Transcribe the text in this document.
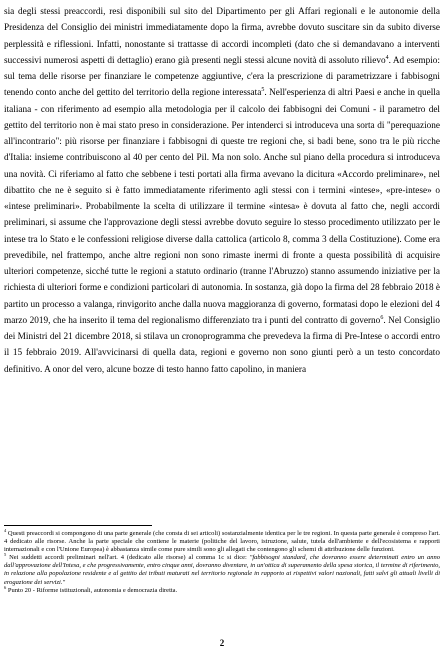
sia degli stessi preaccordi, resi disponibili sul sito del Dipartimento per gli Affari regionali e le autonomie della Presidenza del Consiglio dei ministri immediatamente dopo la firma, avrebbe dovuto suscitare sin da subito diverse perplessità e riflessioni. Infatti, nonostante si trattasse di accordi incompleti (dato che si demandavano a interventi successivi numerosi aspetti di dettaglio) erano già presenti negli stessi alcune novità di assoluto rilievo$^4$. Ad esempio: sul tema delle risorse per finanziare le competenze aggiuntive, c'era la prescrizione di parametrizzare i fabbisogni tenendo conto anche del gettito del territorio della regione interessata$^5$. Nell'esperienza di altri Paesi e anche in quella italiana - con riferimento ad esempio alla metodologia per il calcolo dei fabbisogni dei Comuni - il parametro del gettito del territorio non è mai stato preso in considerazione. Per intenderci si introduceva una sorta di "perequazione all'incontrario": più risorse per finanziare i fabbisogni di queste tre regioni che, si badi bene, sono tra le più ricche d'Italia: insieme contribuiscono al 40 per cento del Pil. Ma non solo. Anche sul piano della procedura si introduceva una novità. Ci riferiamo al fatto che sebbene i testi portati alla firma avevano la dicitura «Accordo preliminare», nel dibattito che ne è seguito si è fatto immediatamente riferimento agli stessi con i termini «intese», «pre-intese» o «intese preliminari». Probabilmente la scelta di utilizzare il termine «intesa» è dovuta al fatto che, negli accordi preliminari, si assume che l'approvazione degli stessi avrebbe dovuto seguire lo stesso procedimento utilizzato per le intese tra lo Stato e le confessioni religiose diverse dalla cattolica (articolo 8, comma 3 della Costituzione). Come era prevedibile, nel frattempo, anche altre regioni non sono rimaste inermi di fronte a questa possibilità di acquisire ulteriori competenze, sicché tutte le regioni a statuto ordinario (tranne l'Abruzzo) stanno assumendo iniziative per la richiesta di ulteriori forme e condizioni particolari di autonomia. In sostanza, già dopo la firma del 28 febbraio 2018 è partito un processo a valanga, rinvigorito anche dalla nuova maggioranza di governo, formatasi dopo le elezioni del 4 marzo 2019, che ha inserito il tema del regionalismo differenziato tra i punti del contratto di governo$^6$. Nel Consiglio dei Ministri del 21 dicembre 2018, si stilava un cronoprogramma che prevedeva la firma di Pre-Intese o accordi entro il 15 febbraio 2019. All'avvicinarsi di quella data, regioni e governo non sono giunti però a un testo concordato definitivo. A onor del vero, alcune bozze di testo hanno fatto capolino, in maniera

$^4$ Questi preaccordi si compongono di una parte generale (che consta di sei articoli) sostanzialmente identica per le tre regioni. In questa parte generale è compreso l'art. 4 dedicato alle risorse. Anche la parte speciale che contiene le materie (politiche del lavoro, istruzione, salute, tutela dell'ambiente e dell'ecosistema e rapporti internazionali e con l'Unione Europea) è abbastanza simile come pure simili sono gli allegati che contengono gli schemi di attribuzione delle funzioni.

$^5$ Nei suddetti accordi preliminari nell'art. 4 (dedicato alle risorse) al comma 1c si dice: "fabbisogni standard, che dovranno essere determinati entro un anno dall'approvazione dell'Intesa, e che progressivamente, entro cinque anni, dovranno diventare, in un'ottica di superamento della spesa storica, il termine di riferimento, in relazione alla popolazione residente e al gettito dei tributi maturati nel territorio regionale in rapporto ai rispettivi valori nazionali, fatti salvi gli attuali livelli di erogazione dei servizi."

$^6$ Punto 20 - Riforme istituzionali, autonomia e democrazia diretta.

2
